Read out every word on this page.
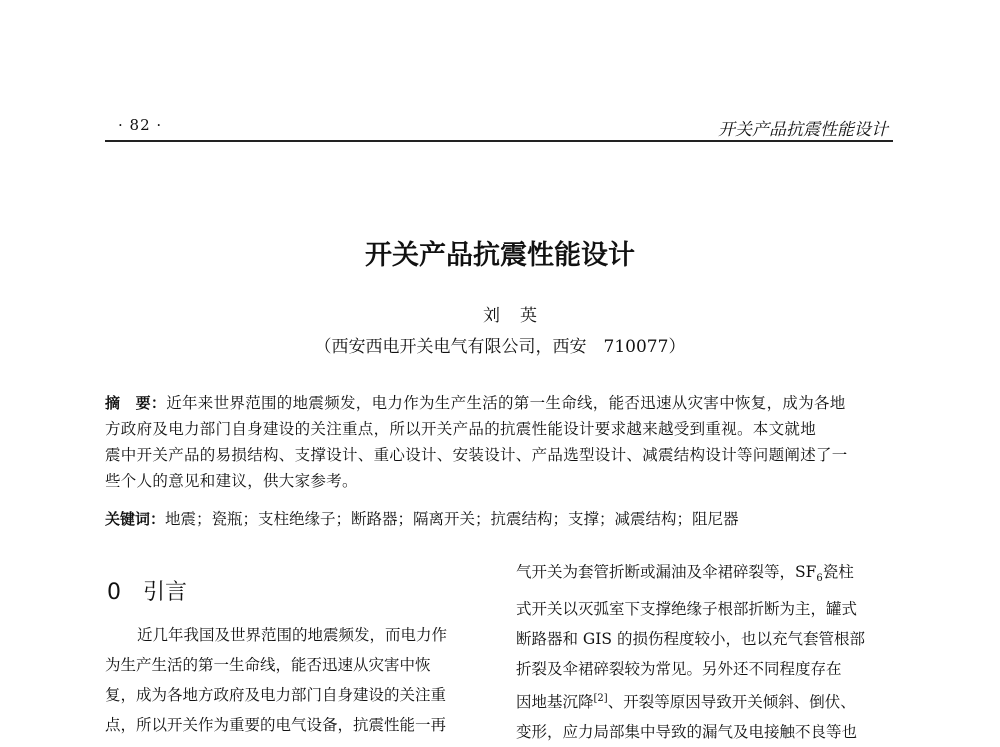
· 82 ·	开关产品抗震性能设计
开关产品抗震性能设计
刘英
（西安西电开关电气有限公司，西安　710077）
摘　要：近年来世界范围的地震频发，电力作为生产生活的第一生命线，能否迅速从灾害中恢复，成为各地
方政府及电力部门自身建设的关注重点，所以开关产品的抗震性能设计要求越来越受到重视。本文就地
震中开关产品的易损结构、支撑设计、重心设计、安装设计、产品选型设计、减震结构设计等问题阐述了一
些个人的意见和建议，供大家参考。
关键词：地震；瓷瓶；支柱绝缘子；断路器；隔离开关；抗震结构；支撑；减震结构；阻尼器
0 引言
近几年我国及世界范围的地震频发，而电力作
为生产生活的第一生命线，能否迅速从灾害中恢
复，成为各地方政府及电力部门自身建设的关注重
点，所以开关作为重要的电气设备，抗震性能一再
气开关为套管折断或漏油及伞裙碎裂等，$SF_6$瓷柱
式开关以灭弧室下支撑绝缘子根部折断为主，罐式
断路器和 GIS 的损伤程度较小，也以充气套管根部
折裂及伞裙碎裂较为常见。另外还不同程度存在
因地基沉降[2]、开裂等原因导致开关倾斜、倒伏、
变形，应力局部集中导致的漏气及电接触不良等也
